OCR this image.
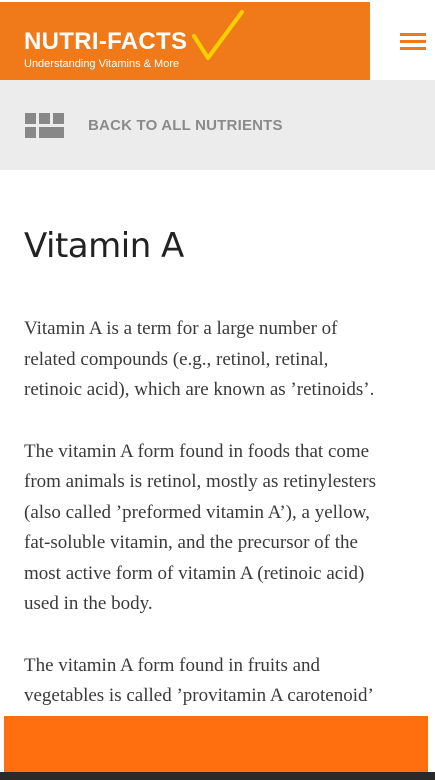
NUTRI-FACTS
Understanding Vitamins & More
BACK TO ALL NUTRIENTS
Vitamin A

Vitamin A is a term for a large number of
related compounds (e.g., retinol, retinal,
retinoic acid), which are known as ’retinoids’.

The vitamin A form found in foods that come
from animals is retinol, mostly as retinylesters
(also called ’preformed vitamin A’), a yellow,
fat-soluble vitamin, and the precursor of the
most active form of vitamin A (retinoic acid)
used in the body.

The vitamin A form found in fruits and
vegetables is called ’provitamin A carotenoid’
